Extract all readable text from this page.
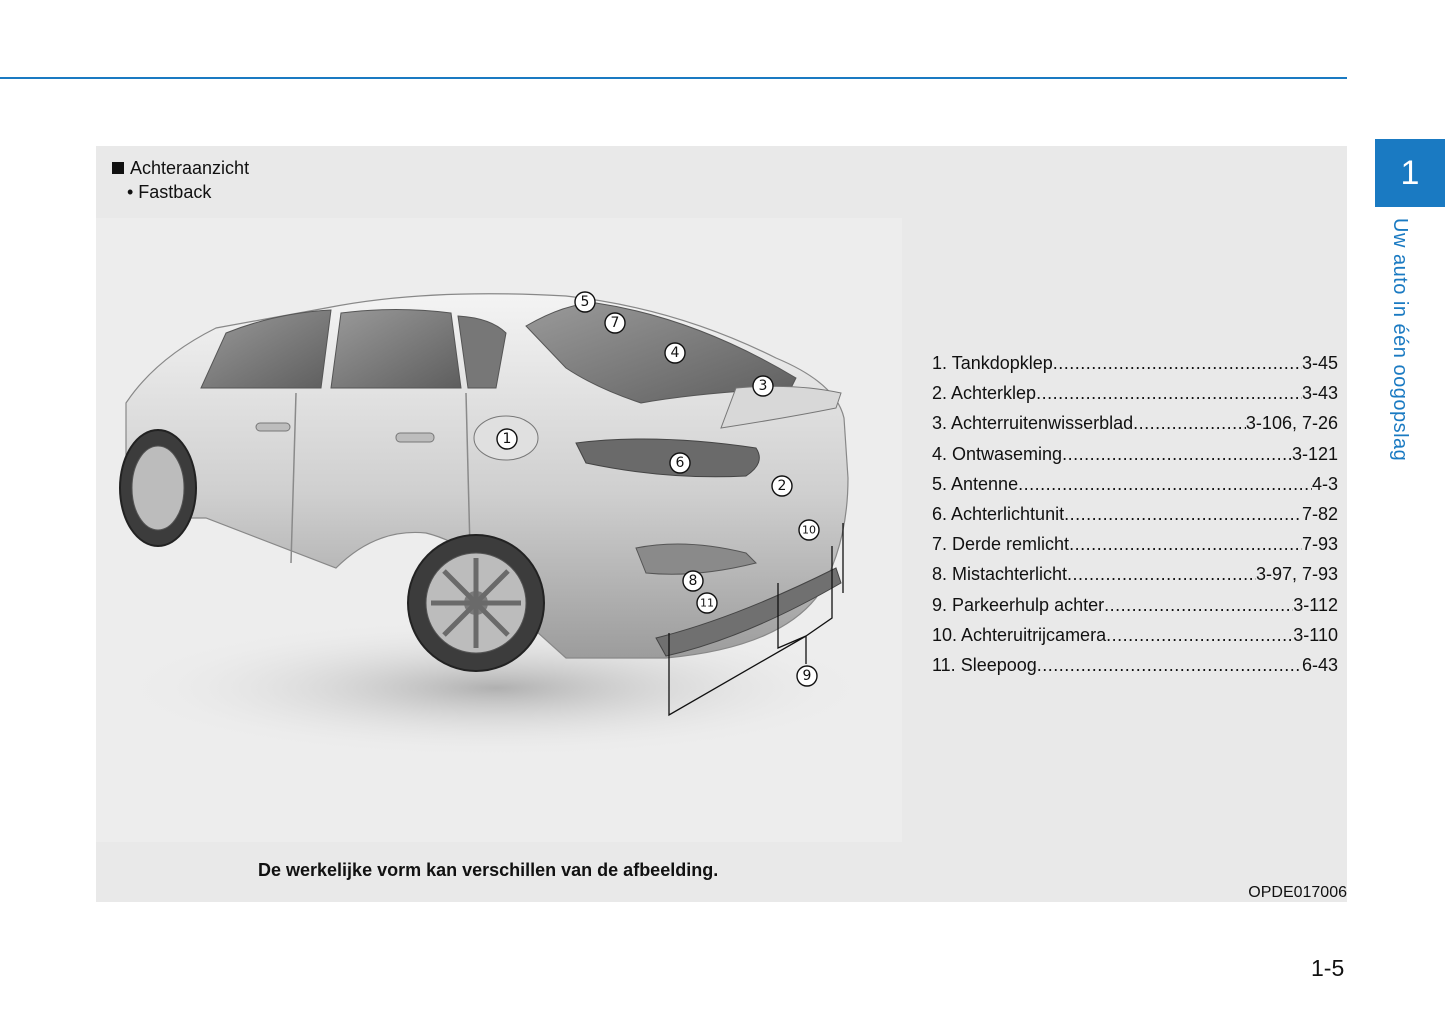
1
Uw auto in één oogopslag
Achteraanzicht
• Fastback
1
2
3
4
5
6
7
8
9
10
11
1. Tankdopklep .....	3-45
2. Achterklep .....	3-43
3. Achterruitenwisserblad .....	3-106, 7-26
4. Ontwaseming .....	3-121
5. Antenne .....	4-3
6. Achterlichtunit .....	7-82
7. Derde remlicht .....	7-93
8. Mistachterlicht .....	3-97, 7-93
9. Parkeerhulp achter .....	3-112
10. Achteruitrijcamera .....	3-110
11. Sleepoog .....	6-43
De werkelijke vorm kan verschillen van de afbeelding.
OPDE017006
1-5
